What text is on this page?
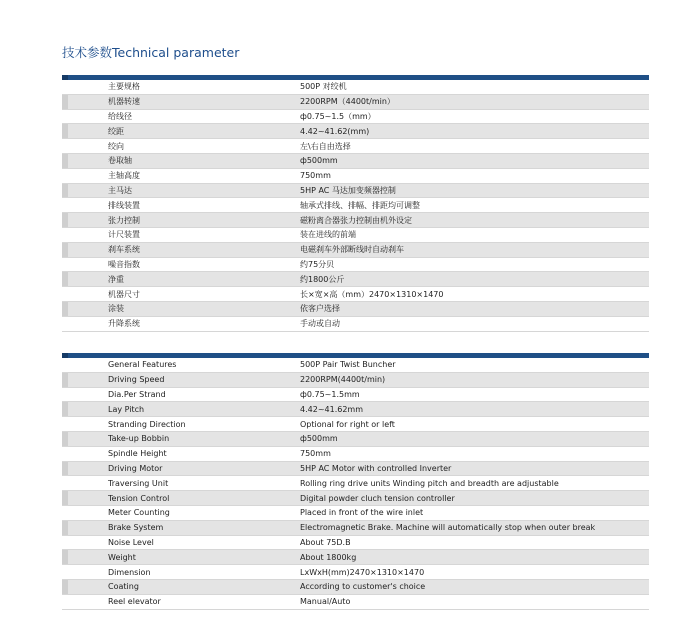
技术参数Technical parameter
主要规格	500P 对绞机
机器转速	2200RPM（4400t/min）
给线径	ф0.75~1.5（mm）
绞距	4.42~41.62(mm)
绞向	左\右自由选择
卷取轴	ф500mm
主轴高度	750mm
主马达	5HP AC 马达加变频器控制
排线装置	轴承式排线、排幅、排距均可调整
张力控制	磁粉离合器张力控制由机外设定
计尺装置	装在进线的前端
刹车系统	电磁刹车外部断线时自动刹车
噪音指数	约75分贝
净重	约1800公斤
机器尺寸	长×宽×高（mm）2470×1310×1470
涂装	依客户选择
升降系统	手动或自动
General Features	500P Pair Twist Buncher
Driving Speed	2200RPM(4400t/min)
Dia.Per Strand	ф0.75~1.5mm
Lay Pitch	4.42~41.62mm
Stranding Direction	Optional for right or left
Take-up Bobbin	ф500mm
Spindle Height	750mm
Driving Motor	5HP AC Motor with controlled Inverter
Traversing Unit	Rolling ring drive units Winding pitch and breadth are adjustable
Tension Control	Digital powder cluch tension controller
Meter Counting	Placed in front of the wire inlet
Brake System	Electromagnetic Brake. Machine will automatically stop when outer break
Noise Level	About 75D.B
Weight	About 1800kg
Dimension	LxWxH(mm)2470×1310×1470
Coating	According to customer's choice
Reel elevator	Manual/Auto
